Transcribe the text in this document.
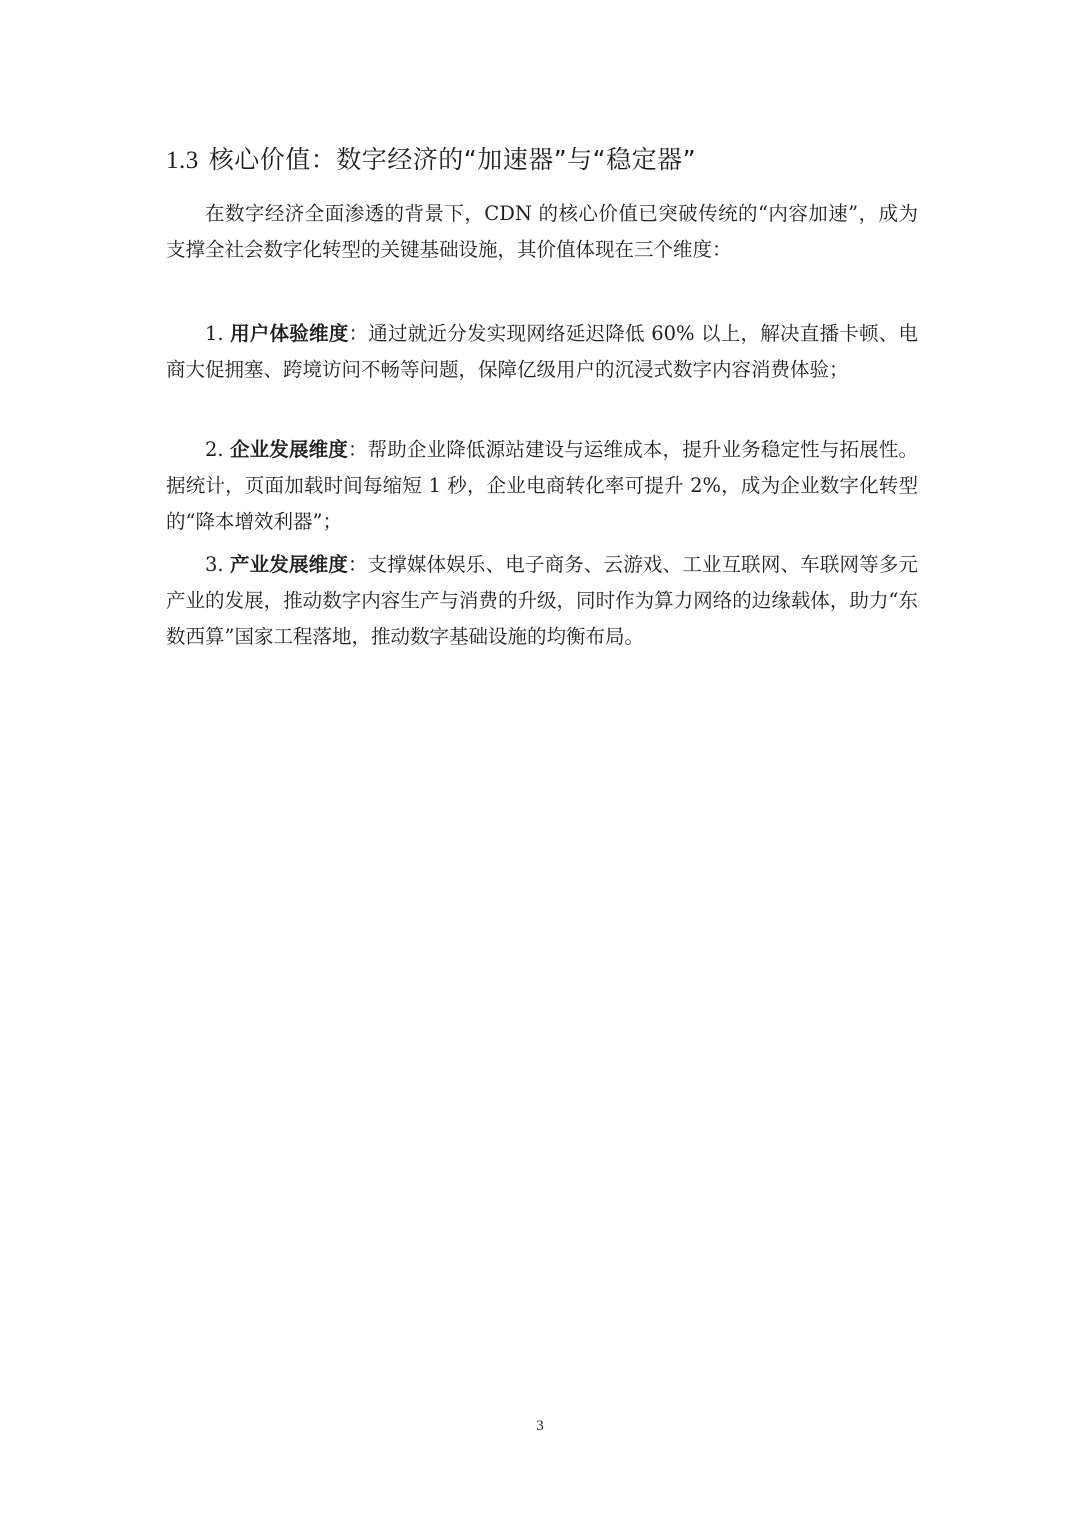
1.3 核心价值：数字经济的“加速器”与“稳定器”

在数字经济全面渗透的背景下，CDN 的核心价值已突破传统的“内容加速”，成为支撑全社会数字化转型的关键基础设施，其价值体现在三个维度：

1. 用户体验维度：通过就近分发实现网络延迟降低 60% 以上，解决直播卡顿、电商大促拥塞、跨境访问不畅等问题，保障亿级用户的沉浸式数字内容消费体验；

2. 企业发展维度：帮助企业降低源站建设与运维成本，提升业务稳定性与拓展性。据统计，页面加载时间每缩短 1 秒，企业电商转化率可提升 2%，成为企业数字化转型的“降本增效利器”；

3. 产业发展维度：支撑媒体娱乐、电子商务、云游戏、工业互联网、车联网等多元产业的发展，推动数字内容生产与消费的升级，同时作为算力网络的边缘载体，助力“东数西算”国家工程落地，推动数字基础设施的均衡布局。

3
